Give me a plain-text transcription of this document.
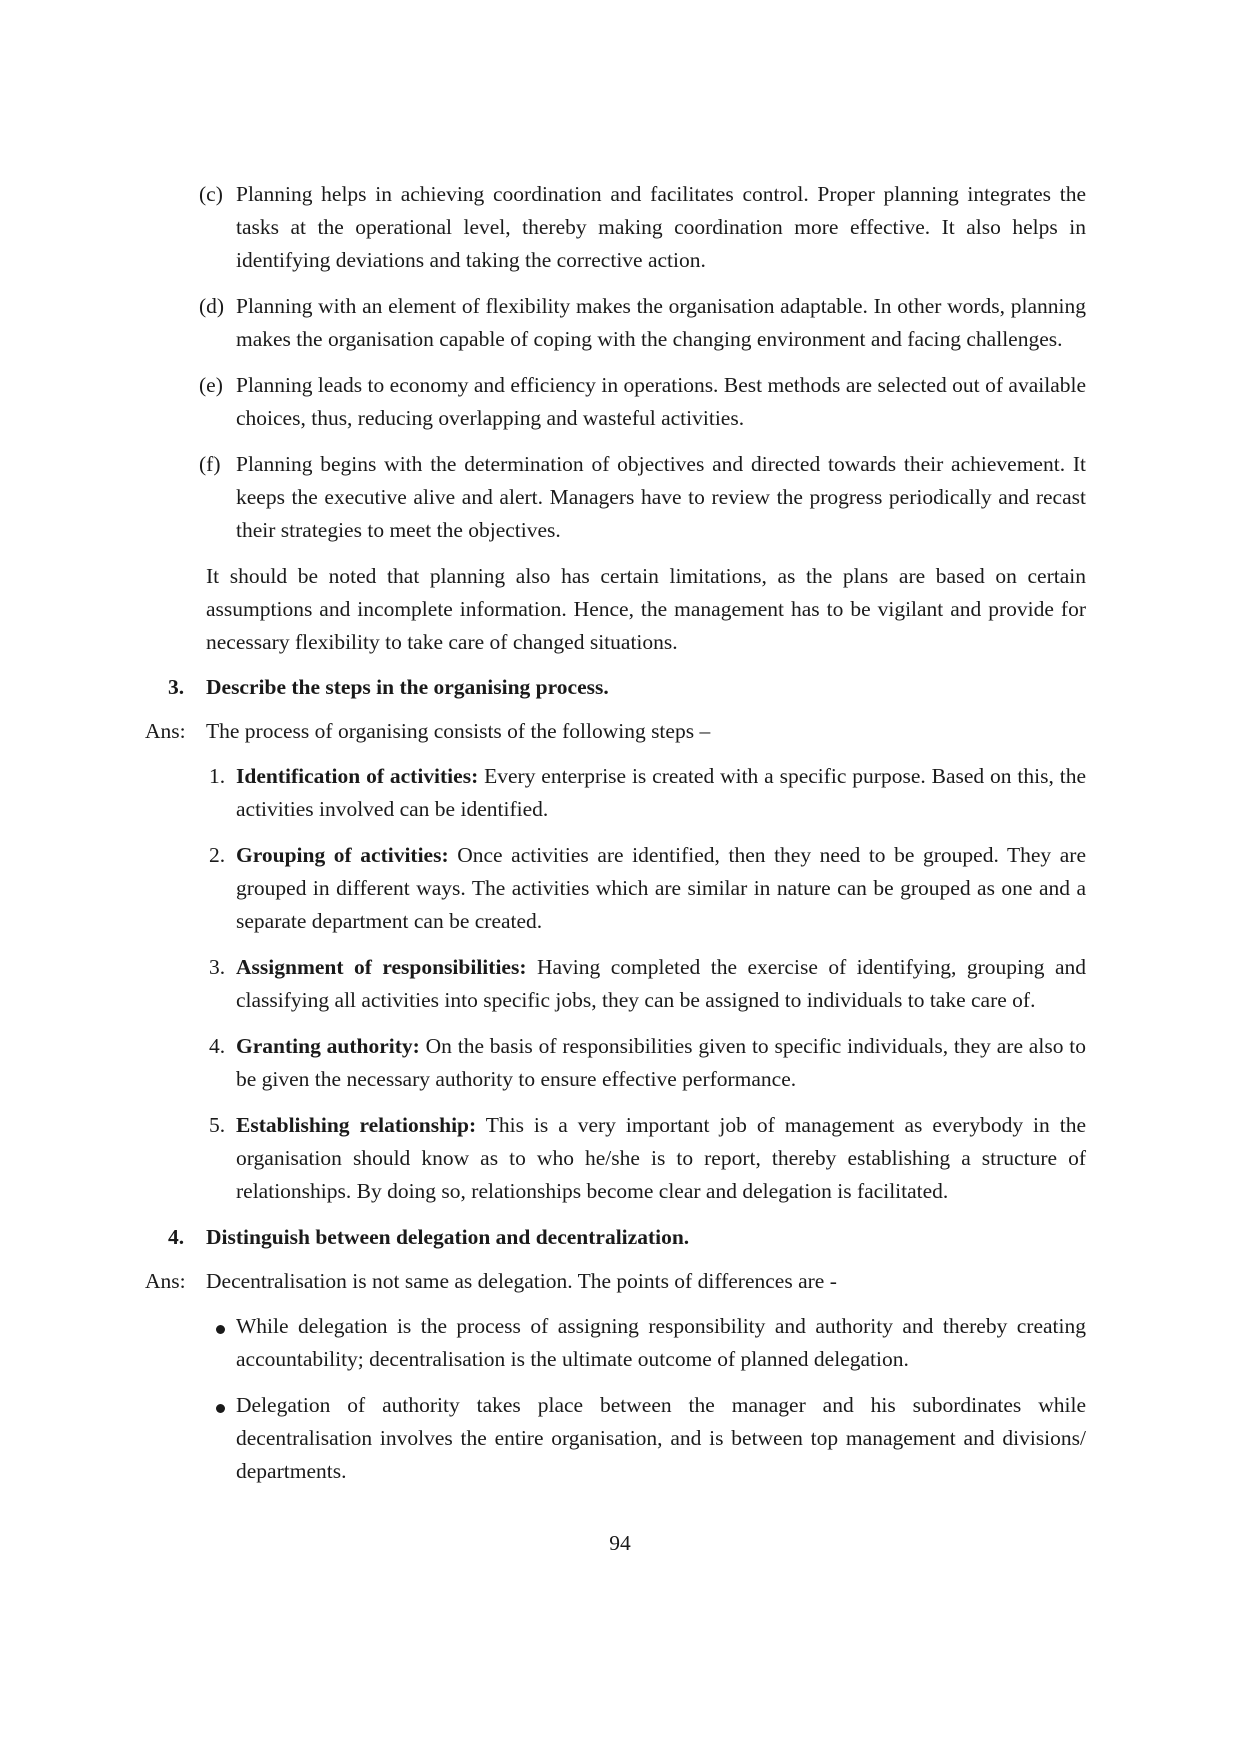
(c) Planning helps in achieving coordination and facilitates control. Proper planning integrates the tasks at the operational level, thereby making coordination more effective. It also helps in identifying deviations and taking the corrective action.
(d) Planning with an element of flexibility makes the organisation adaptable. In other words, planning makes the organisation capable of coping with the changing environment and facing challenges.
(e) Planning leads to economy and efficiency in operations. Best methods are selected out of available choices, thus, reducing overlapping and wasteful activities.
(f) Planning begins with the determination of objectives and directed towards their achievement. It keeps the executive alive and alert. Managers have to review the progress periodically and recast their strategies to meet the objectives.

It should be noted that planning also has certain limitations, as the plans are based on certain assumptions and incomplete information. Hence, the management has to be vigilant and provide for necessary flexibility to take care of changed situations.

3. Describe the steps in the organising process.
Ans: The process of organising consists of the following steps –
1. Identification of activities: Every enterprise is created with a specific purpose. Based on this, the activities involved can be identified.
2. Grouping of activities: Once activities are identified, then they need to be grouped. They are grouped in different ways. The activities which are similar in nature can be grouped as one and a separate department can be created.
3. Assignment of responsibilities: Having completed the exercise of identifying, grouping and classifying all activities into specific jobs, they can be assigned to individuals to take care of.
4. Granting authority: On the basis of responsibilities given to specific individuals, they are also to be given the necessary authority to ensure effective performance.
5. Establishing relationship: This is a very important job of management as everybody in the organisation should know as to who he/she is to report, thereby establishing a structure of relationships. By doing so, relationships become clear and delegation is facilitated.
4. Distinguish between delegation and decentralization.
Ans: Decentralisation is not same as delegation. The points of differences are -
While delegation is the process of assigning responsibility and authority and thereby creating accountability; decentralisation is the ultimate outcome of planned delegation.
Delegation of authority takes place between the manager and his subordinates while decentralisation involves the entire organisation, and is between top management and divisions/ departments.
94
